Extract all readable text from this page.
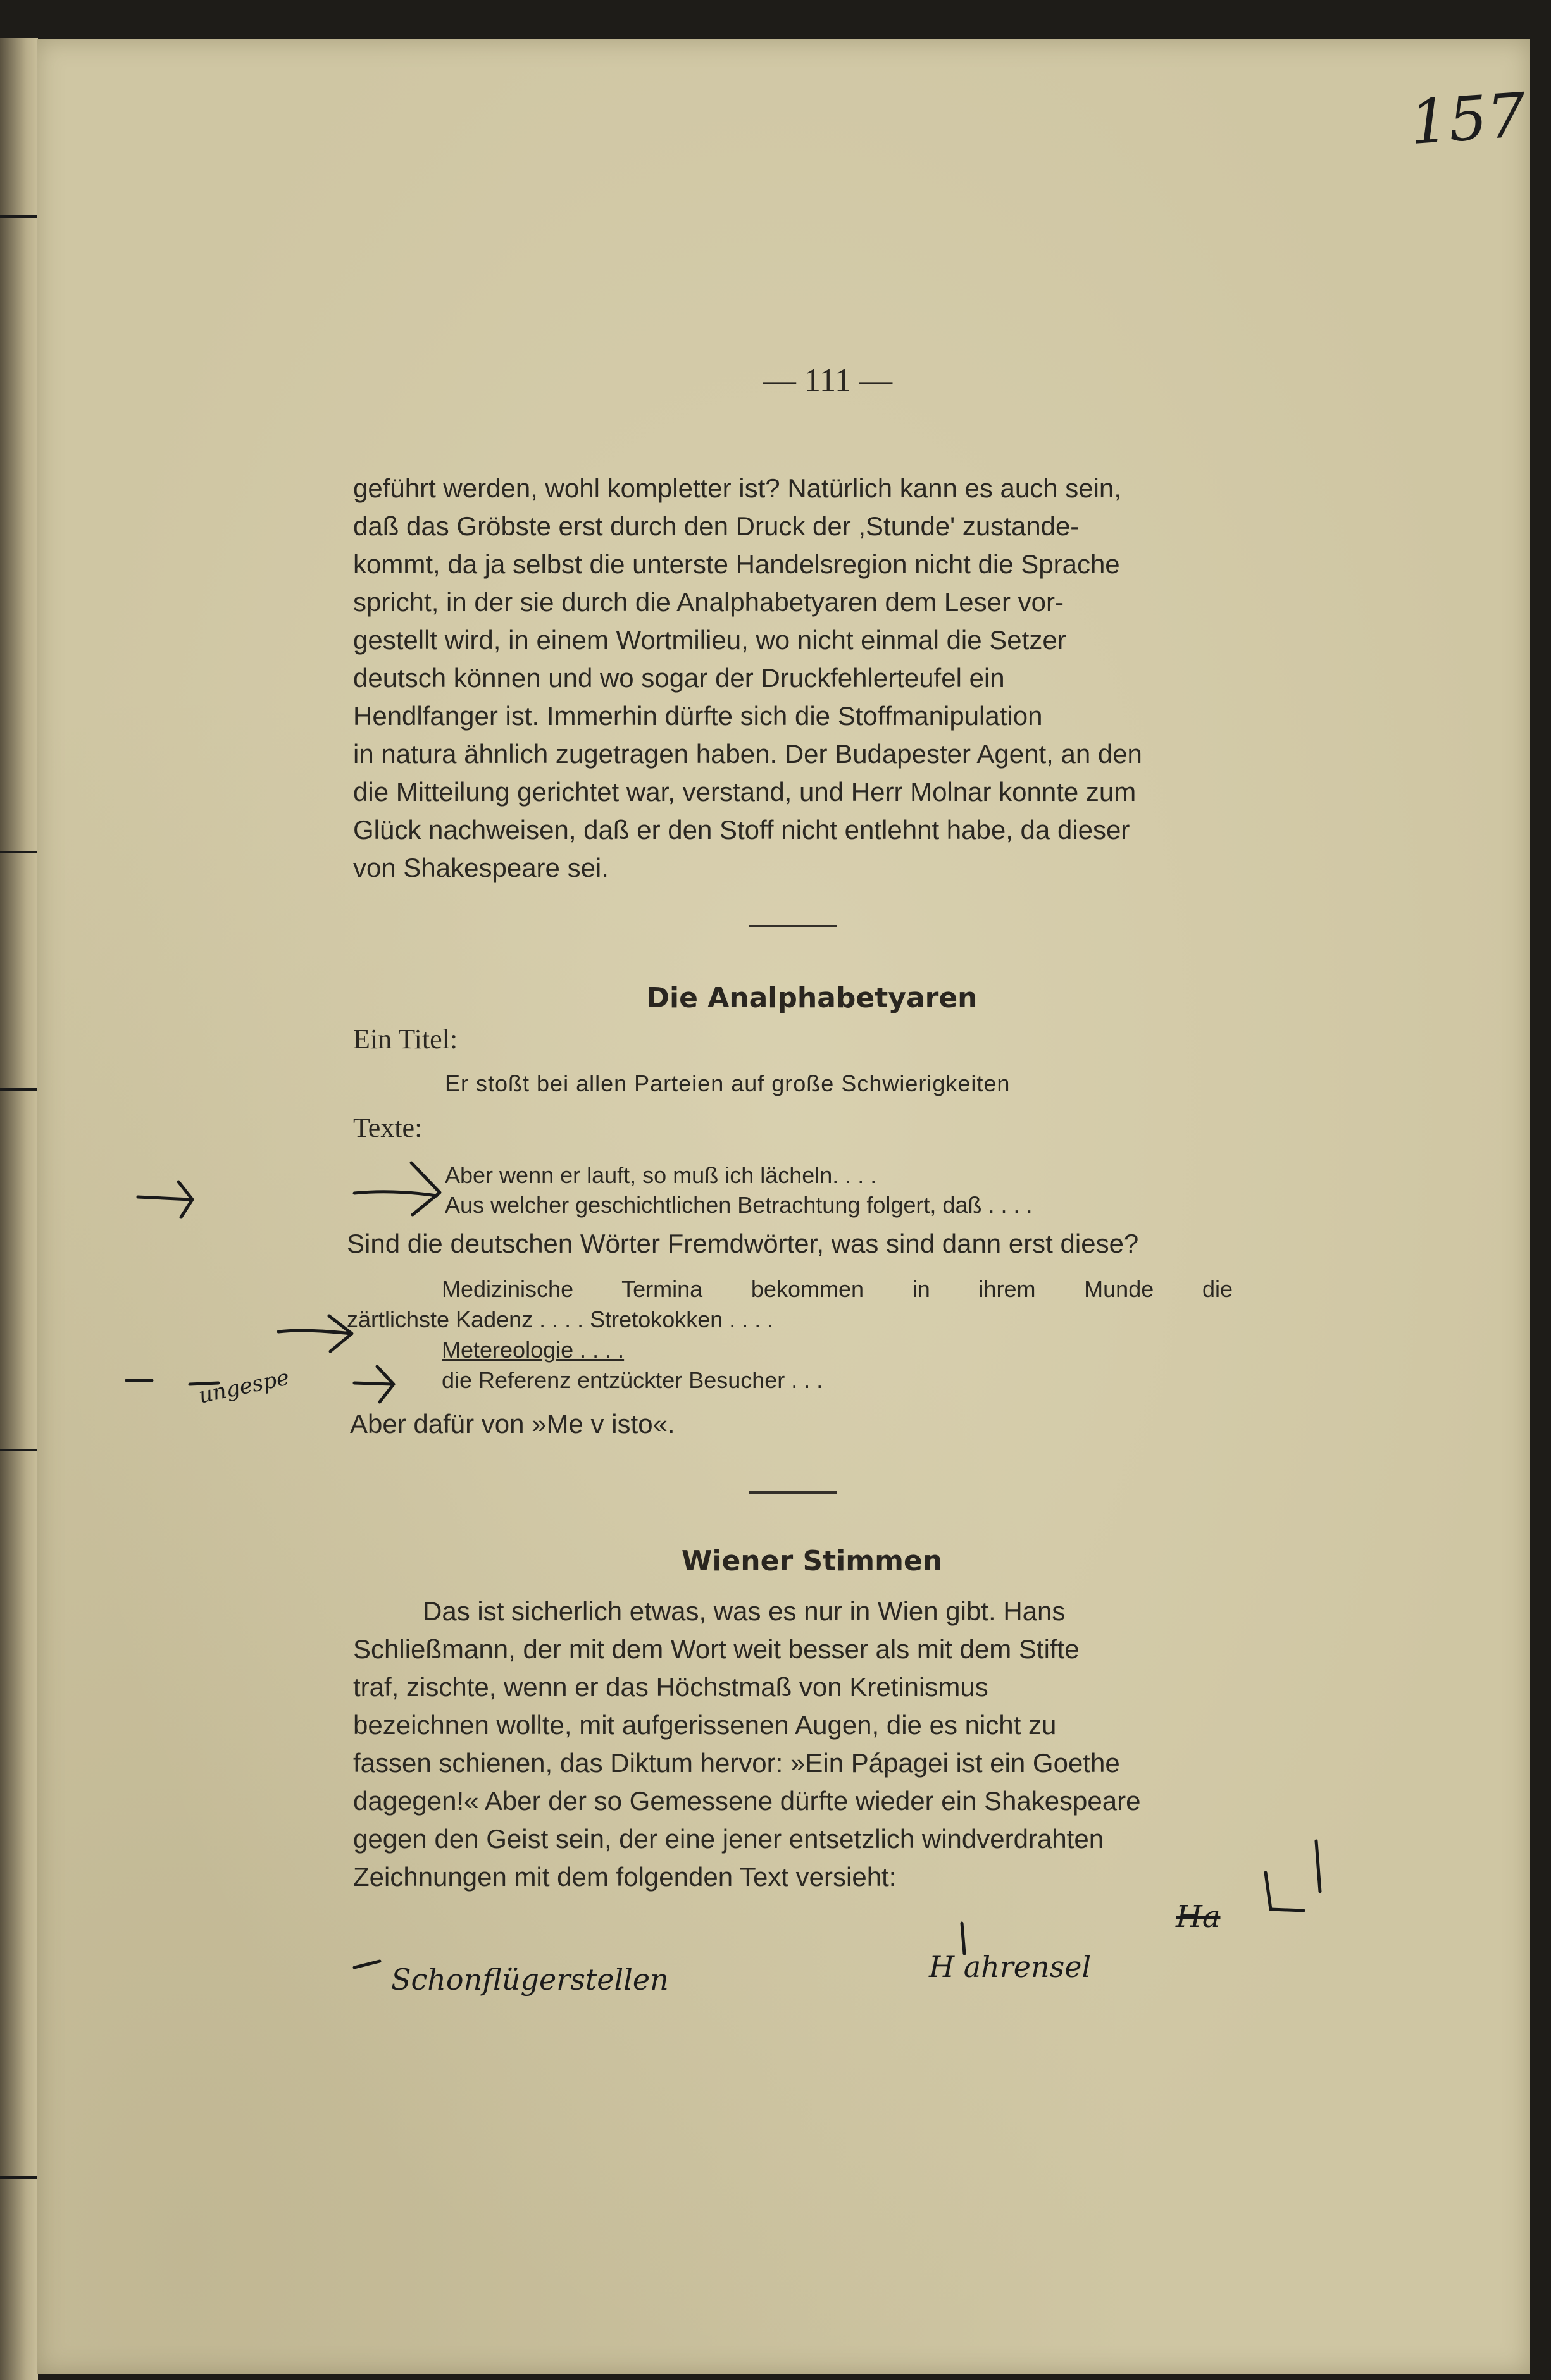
157
— 111 —

geführt werden, wohl kompletter ist? Natürlich kann es auch sein,

daß das Gröbste erst durch den Druck der ,Stunde' zustande-

kommt, da ja selbst die unterste Handelsregion nicht die Sprache

spricht, in der sie durch die Analphabetyaren dem Leser vor-

gestellt wird, in einem Wortmilieu, wo nicht einmal die Setzer

deutsch können und wo sogar der Druckfehlerteufel ein

Hendlfanger ist. Immerhin dürfte sich die Stoffmanipulation

in natura ähnlich zugetragen haben. Der Budapester Agent, an den

die Mitteilung gerichtet war, verstand, und Herr Molnar konnte zum

Glück nachweisen, daß er den Stoff nicht entlehnt habe, da dieser

von Shakespeare sei.

Die Analphabetyaren
Ein Titel:
Er stoßt bei allen Parteien auf große Schwierigkeiten
Texte:
Aber wenn er lauft, so muß ich lächeln. . . .
Aus welcher geschichtlichen Betrachtung folgert, daß . . . .
Sind die deutschen Wörter Fremdwörter, was sind dann erst diese?
Medizinische Termina bekommen in ihrem Munde die
zärtlichste Kadenz . . . . Stretokokken . . . .
Metereologie . . . .
die Referenz entzückter Besucher . . .
Aber dafür von »Me v isto«.
Wiener Stimmen

Das ist sicherlich etwas, was es nur in Wien gibt. Hans

Schließmann, der mit dem Wort weit besser als mit dem Stifte

traf, zischte, wenn er das Höchstmaß von Kretinismus

bezeichnen wollte, mit aufgerissenen Augen, die es nicht zu

fassen schienen, das Diktum hervor: »Ein Pápagei ist ein Goethe

dagegen!« Aber der so Gemessene dürfte wieder ein Shakespeare

gegen den Geist sein, der eine jener entsetzlich windverdrahten

Zeichnungen mit dem folgenden Text versieht:

ungespe
Schonflügerstellen	H ahrensel
Ha
